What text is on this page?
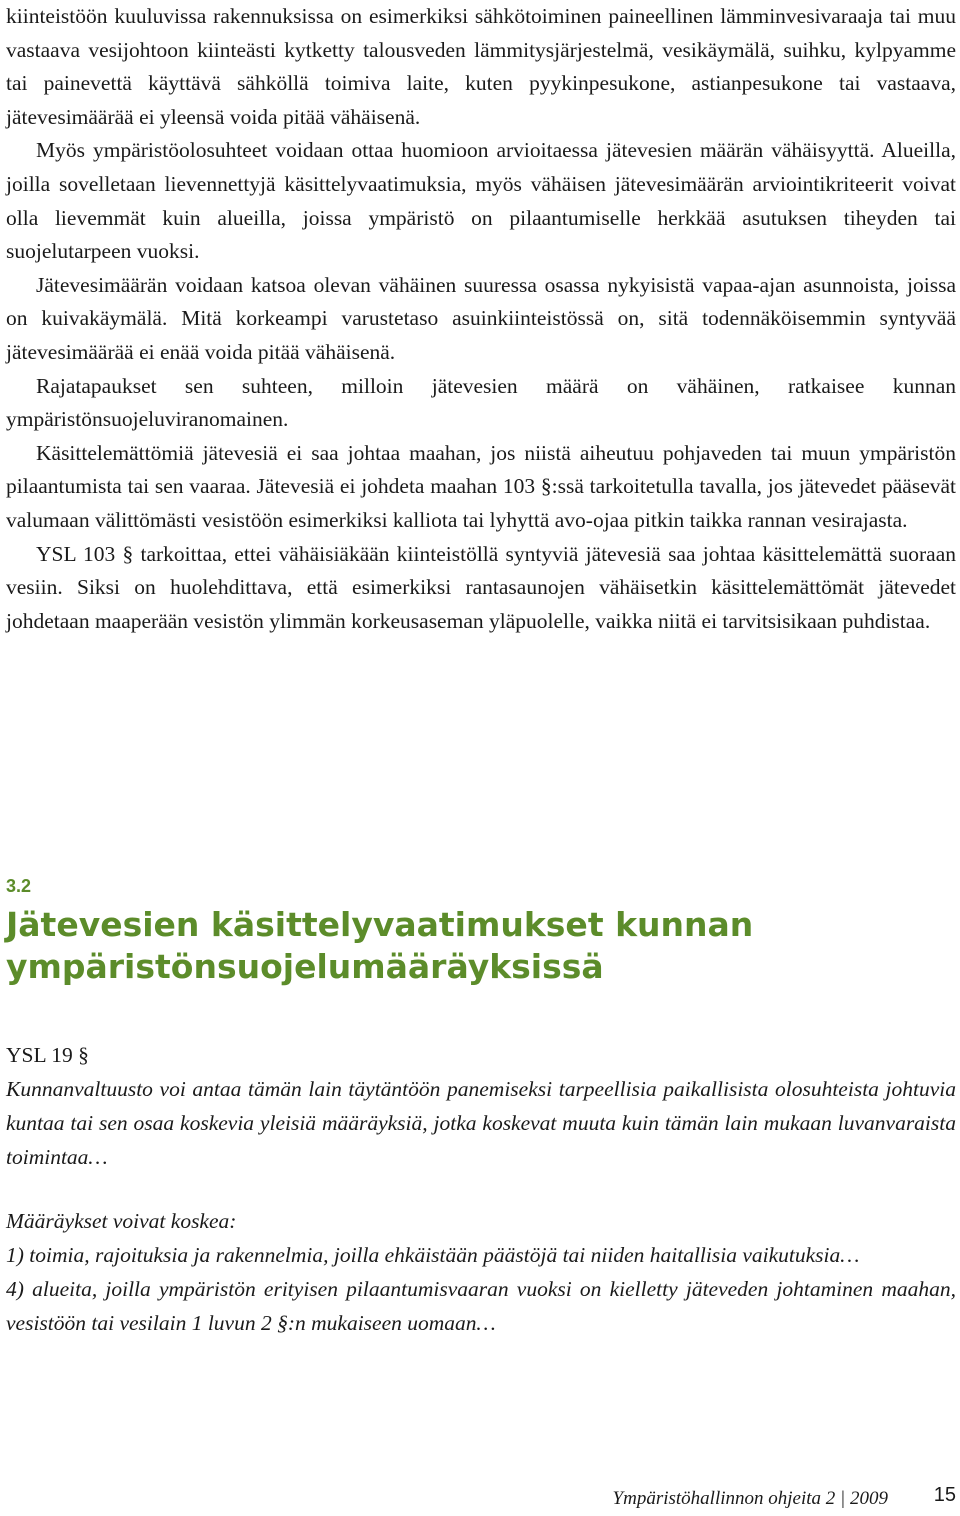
kiinteistöön kuuluvissa rakennuksissa on esimerkiksi sähkötoiminen paineellinen lämminvesivaraaja tai muu vastaava vesijohtoon kiinteästi kytketty talousveden lämmitysjärjestelmä, vesikäymälä, suihku, kylpyamme tai painevettä käyttävä sähköllä toimiva laite, kuten pyykinpesukone, astianpesukone tai vastaava, jätevesimäärää ei yleensä voida pitää vähäisenä.

Myös ympäristöolosuhteet voidaan ottaa huomioon arvioitaessa jätevesien määrän vähäisyyttä. Alueilla, joilla sovelletaan lievennettyjä käsittelyvaatimuksia, myös vähäisen jätevesimäärän arviointikriteerit voivat olla lievemmät kuin alueilla, joissa ympäristö on pilaantumiselle herkkää asutuksen tiheyden tai suojelutarpeen vuoksi.

Jätevesimäärän voidaan katsoa olevan vähäinen suuressa osassa nykyisistä vapaa-ajan asunnoista, joissa on kuivakäymälä. Mitä korkeampi varustetaso asuinkiinteistössä on, sitä todennäköisemmin syntyvää jätevesimäärää ei enää voida pitää vähäisenä.

Rajatapaukset sen suhteen, milloin jätevesien määrä on vähäinen, ratkaisee kunnan ympäristönsuojeluviranomainen.

Käsittelemättömiä jätevesiä ei saa johtaa maahan, jos niistä aiheutuu pohjaveden tai muun ympäristön pilaantumista tai sen vaaraa. Jätevesiä ei johdeta maahan 103 §:ssä tarkoitetulla tavalla, jos jätevedet pääsevät valumaan välittömästi vesistöön esimerkiksi kalliota tai lyhyttä avo-ojaa pitkin taikka rannan vesirajasta.

YSL 103 § tarkoittaa, ettei vähäisiäkään kiinteistöllä syntyviä jätevesiä saa johtaa käsittelemättä suoraan vesiin. Siksi on huolehdittava, että esimerkiksi rantasaunojen vähäisetkin käsittelemättömät jätevedet johdetaan maaperään vesistön ylimmän korkeusaseman yläpuolelle, vaikka niitä ei tarvitsisikaan puhdistaa.

3.2
Jätevesien käsittelyvaatimukset kunnan ympäristönsuojelumääräyksissä

YSL 19 §

Kunnanvaltuusto voi antaa tämän lain täytäntöön panemiseksi tarpeellisia paikallisista olosuhteista johtuvia kuntaa tai sen osaa koskevia yleisiä määräyksiä, jotka koskevat muuta kuin tämän lain mukaan luvanvaraista toimintaa…

Määräykset voivat koskea:

1) toimia, rajoituksia ja rakennelmia, joilla ehkäistään päästöjä tai niiden haitallisia vaikutuksia…

4) alueita, joilla ympäristön erityisen pilaantumisvaaran vuoksi on kielletty jäteveden johtaminen maahan, vesistöön tai vesilain 1 luvun 2 §:n mukaiseen uomaan…

Ympäristöhallinnon ohjeita 2 | 2009 15
